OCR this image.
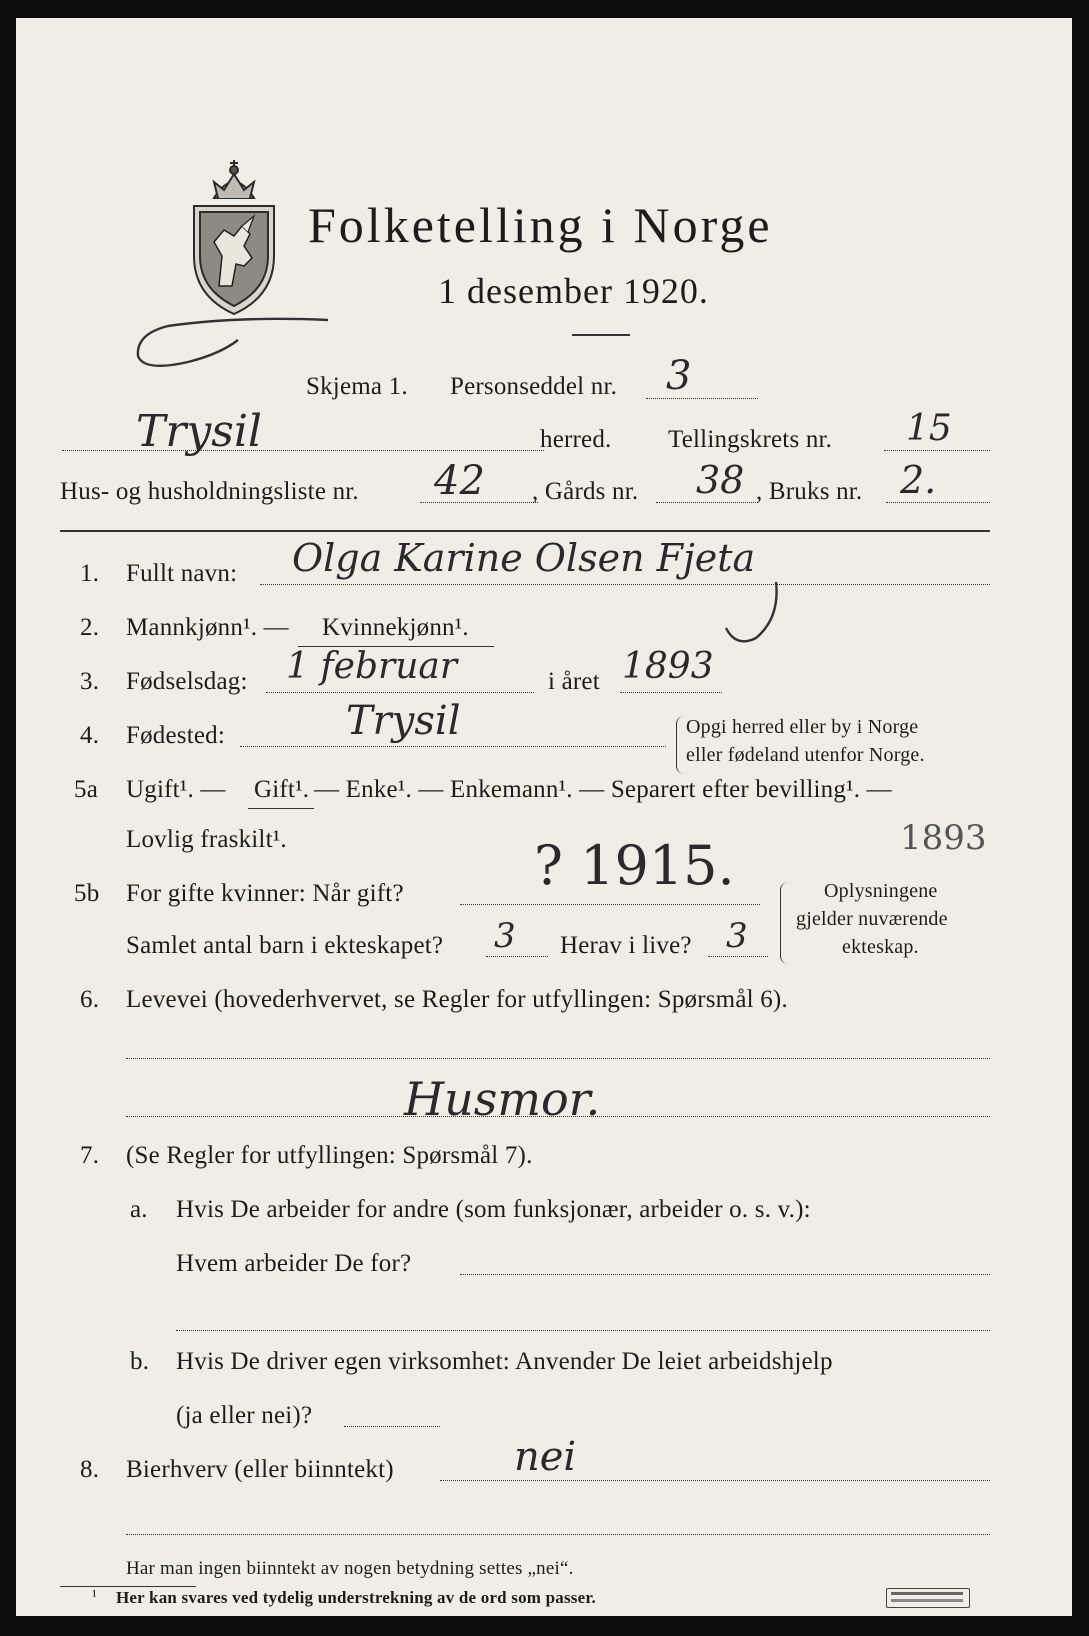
Folketelling i Norge
1 desember 1920.
Skjema 1. Personseddel nr. 3
Trysil	herred. Tellingskrets nr. 15
Hus- og husholdningsliste nr. 42 , Gårds nr. 38 , Bruks nr. 2.
1. Fullt navn: Olga Karine Olsen Fjeta
2. Mannkjønn¹. — Kvinnekjønn¹.
3. Fødselsdag: 1 februar	i året 1893
4. Fødested:	Trysil	Opgi herred eller by i Norge
eller fødeland utenfor Norge.
5a Ugift¹. — Gift¹. — Enke¹. — Enkemann¹. — Separert efter bevilling¹. —
Lovlig fraskilt¹.	1893
5b For gifte kvinner: Når gift? ? 1915.
Samlet antal barn i ekteskapet? 3 Herav i live? 3
Oplysningene
gjelder nuværende
ekteskap.
6. Levevei (hovederhvervet, se Regler for utfyllingen: Spørsmål 6).
Husmor.
7. (Se Regler for utfyllingen: Spørsmål 7).
a. Hvis De arbeider for andre (som funksjonær, arbeider o. s. v.):
Hvem arbeider De for?
b. Hvis De driver egen virksomhet: Anvender De leiet arbeidshjelp
(ja eller nei)?
8. Bierhverv (eller biinntekt)	nei
Har man ingen biinntekt av nogen betydning settes „nei“.
¹ Her kan svares ved tydelig understrekning av de ord som passer.
